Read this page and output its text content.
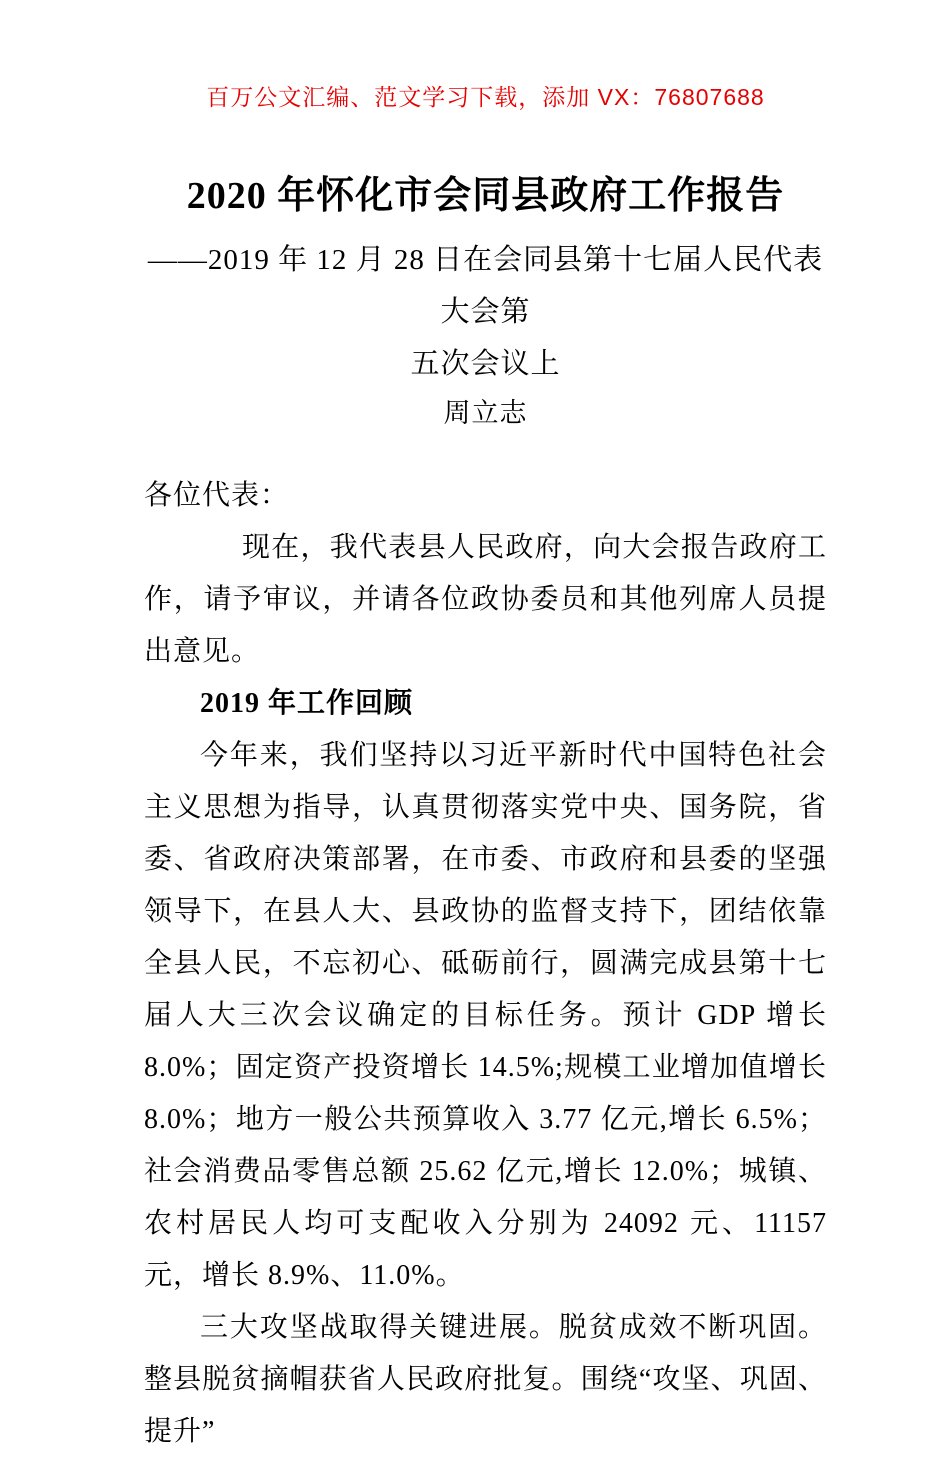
百万公文汇编、范文学习下载，添加 VX：76807688
2020 年怀化市会同县政府工作报告
——2019 年 12 月 28 日在会同县第十七届人民代表大会第
五次会议上
周立志

各位代表：

现在，我代表县人民政府，向大会报告政府工作，请予审议，并请各位政协委员和其他列席人员提出意见。

2019 年工作回顾

今年来，我们坚持以习近平新时代中国特色社会主义思想为指导，认真贯彻落实党中央、国务院，省委、省政府决策部署，在市委、市政府和县委的坚强领导下，在县人大、县政协的监督支持下，团结依靠全县人民，不忘初心、砥砺前行，圆满完成县第十七届人大三次会议确定的目标任务。预计 GDP 增长 8.0%；固定资产投资增长 14.5%;规模工业增加值增长 8.0%；地方一般公共预算收入 3.77 亿元,增长 6.5%；社会消费品零售总额 25.62 亿元,增长 12.0%；城镇、农村居民人均可支配收入分别为 24092 元、11157 元，增长 8.9%、11.0%。

三大攻坚战取得关键进展。脱贫成效不断巩固。整县脱贫摘帽获省人民政府批复。围绕“攻坚、巩固、提升”
